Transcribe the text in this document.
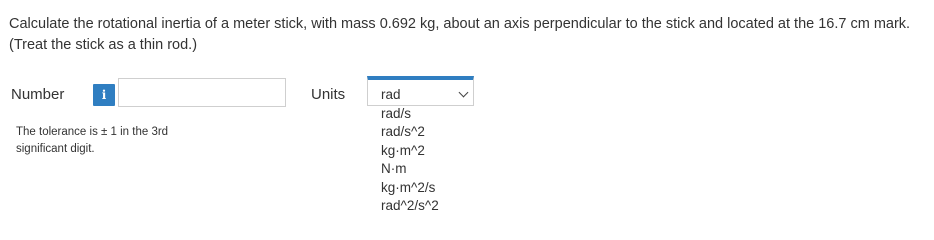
Calculate the rotational inertia of a meter stick, with mass 0.692 kg, about an axis perpendicular to the stick and located at the 16.7 cm mark. (Treat the stick as a thin rod.)
Number	i
The tolerance is ± 1 in the 3rd significant digit.
Units	rad
rad/s
rad/s^2
kg·m^2
N·m
kg·m^2/s
rad^2/s^2
